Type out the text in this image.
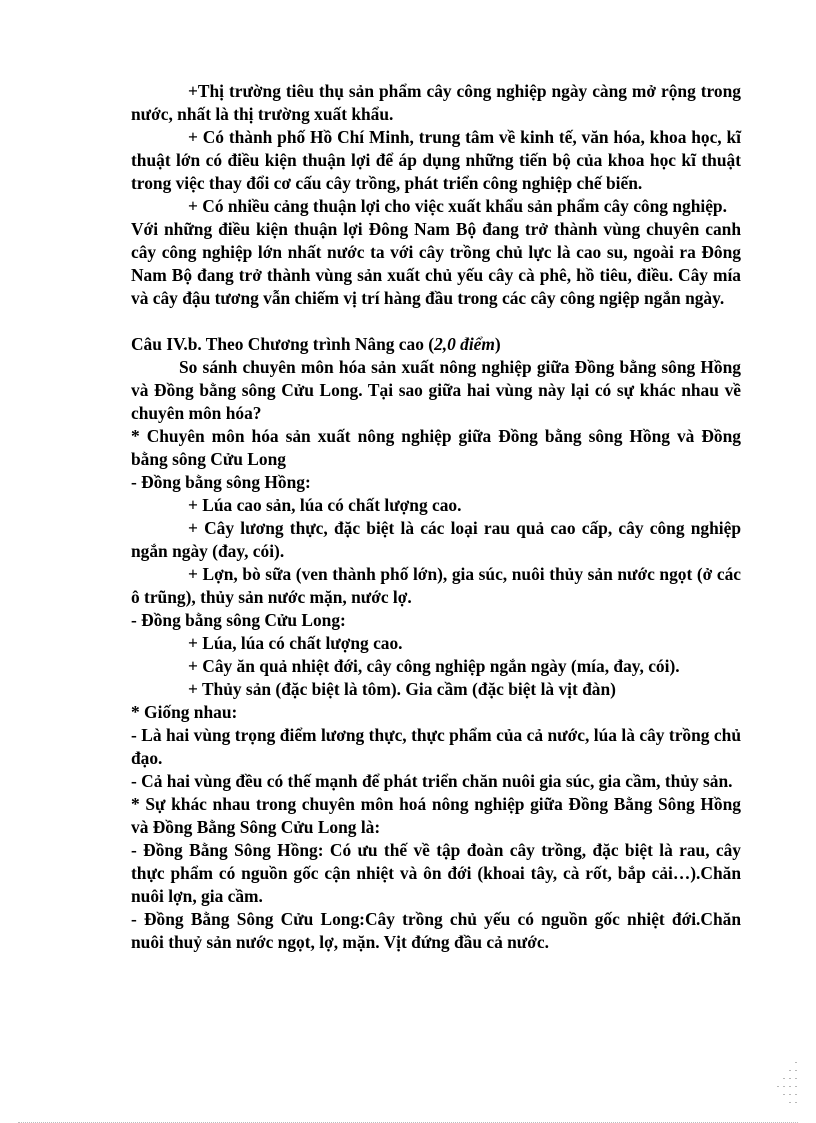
+Thị trường tiêu thụ sản phẩm cây công nghiệp ngày càng mở rộng trong nước, nhất là thị trường xuất khẩu.

+ Có thành phố Hồ Chí Minh, trung tâm về kinh tế, văn hóa, khoa học, kĩ thuật lớn có điều kiện thuận lợi để áp dụng những tiến bộ của khoa học kĩ thuật trong việc thay đổi cơ cấu cây trồng, phát triển công nghiệp chế biến.

+ Có nhiều cảng thuận lợi cho việc xuất khẩu sản phẩm cây công nghiệp.

Với những điều kiện thuận lợi Đông Nam Bộ đang trở thành vùng chuyên canh cây công nghiệp lớn nhất nước ta với cây trồng chủ lực là cao su, ngoài ra Đông Nam Bộ đang trở thành vùng sản xuất chủ yếu cây cà phê, hồ tiêu, điều. Cây mía và cây đậu tương vẫn chiếm vị trí hàng đầu trong các cây công ngiệp ngắn ngày.

Câu IV.b. Theo Chương trình Nâng cao (2,0 điểm)

So sánh chuyên môn hóa sản xuất nông nghiệp giữa Đồng bằng sông Hồng và Đồng bằng sông Cửu Long. Tại sao giữa hai vùng này lại có sự khác nhau về chuyên môn hóa?

* Chuyên môn hóa sản xuất nông nghiệp giữa Đồng bằng sông Hồng và Đồng bằng sông Cửu Long

- Đồng bằng sông Hồng:

+ Lúa cao sản, lúa có chất lượng cao.

+ Cây lương thực, đặc biệt là các loại rau quả cao cấp, cây công nghiệp ngắn ngày (đay, cói).

+ Lợn, bò sữa (ven thành phố lớn), gia súc, nuôi thủy sản nước ngọt (ở các ô trũng), thủy sản nước mặn, nước lợ.

- Đồng bằng sông Cửu Long:

+ Lúa, lúa có chất lượng cao.

+ Cây ăn quả nhiệt đới, cây công nghiệp ngắn ngày (mía, đay, cói).

+ Thủy sản (đặc biệt là tôm). Gia cầm (đặc biệt là vịt đàn)

* Giống nhau:

- Là hai vùng trọng điểm lương thực, thực phẩm của cả nước, lúa là cây trồng chủ đạo.

- Cả hai vùng đều có thế mạnh để phát triển chăn nuôi gia súc, gia cầm, thủy sản.

* Sự khác nhau trong chuyên môn hoá nông nghiệp giữa Đồng Bằng Sông Hồng và Đồng Bằng Sông Cửu Long là:

- Đồng Bằng Sông Hồng: Có ưu thế về tập đoàn cây trồng, đặc biệt là rau, cây thực phẩm có nguồn gốc cận nhiệt và ôn đới (khoai tây, cà rốt, bắp cải…).Chăn nuôi lợn, gia cầm.

- Đồng Bằng Sông Cửu Long:Cây trồng chủ yếu có nguồn gốc nhiệt đới.Chăn nuôi thuỷ sản nước ngọt, lợ, mặn. Vịt đứng đầu cả nước.
